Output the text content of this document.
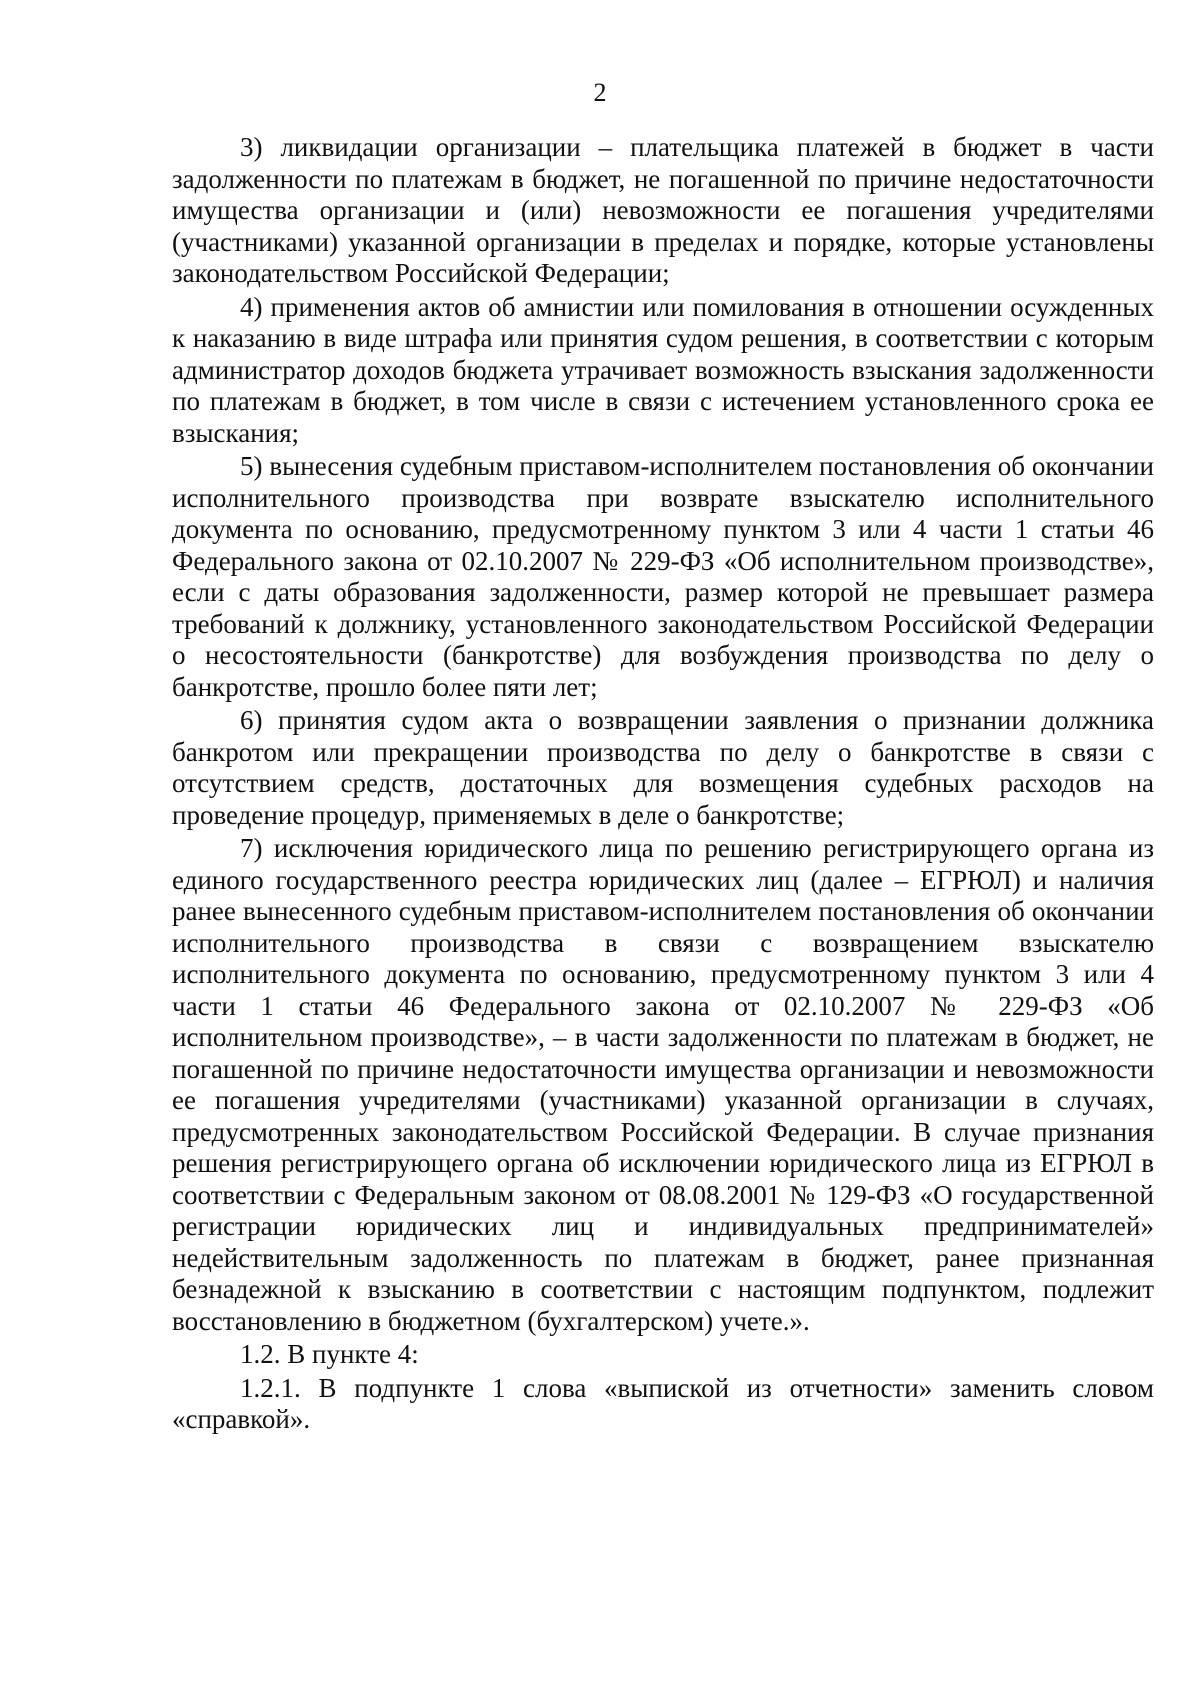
2

3) ликвидации организации – плательщика платежей в бюджет в части задолженности по платежам в бюджет, не погашенной по причине недостаточности имущества организации и (или) невозможности ее погашения учредителями (участниками) указанной организации в пределах и порядке, которые установлены законодательством Российской Федерации;

4) применения актов об амнистии или помилования в отношении осужденных к наказанию в виде штрафа или принятия судом решения, в соответствии с которым администратор доходов бюджета утрачивает возможность взыскания задолженности по платежам в бюджет, в том числе в связи с истечением установленного срока ее взыскания;

5) вынесения судебным приставом-исполнителем постановления об окончании исполнительного производства при возврате взыскателю исполнительного документа по основанию, предусмотренному пунктом 3 или 4 части 1 статьи 46 Федерального закона от 02.10.2007 № 229-ФЗ «Об исполнительном производстве», если с даты образования задолженности, размер которой не превышает размера требований к должнику, установленного законодательством Российской Федерации о несостоятельности (банкротстве) для возбуждения производства по делу о банкротстве, прошло более пяти лет;

6) принятия судом акта о возвращении заявления о признании должника банкротом или прекращении производства по делу о банкротстве в связи с отсутствием средств, достаточных для возмещения судебных расходов на проведение процедур, применяемых в деле о банкротстве;

7) исключения юридического лица по решению регистрирующего органа из единого государственного реестра юридических лиц (далее – ЕГРЮЛ) и наличия ранее вынесенного судебным приставом-исполнителем постановления об окончании исполнительного производства в связи с возвращением взыскателю исполнительного документа по основанию, предусмотренному пунктом 3 или 4 части 1 статьи 46 Федерального закона от 02.10.2007 № 229-ФЗ «Об исполнительном производстве», – в части задолженности по платежам в бюджет, не погашенной по причине недостаточности имущества организации и невозможности ее погашения учредителями (участниками) указанной организации в случаях, предусмотренных законодательством Российской Федерации. В случае признания решения регистрирующего органа об исключении юридического лица из ЕГРЮЛ в соответствии с Федеральным законом от 08.08.2001 № 129-ФЗ «О государственной регистрации юридических лиц и индивидуальных предпринимателей» недействительным задолженность по платежам в бюджет, ранее признанная безнадежной к взысканию в соответствии с настоящим подпунктом, подлежит восстановлению в бюджетном (бухгалтерском) учете.».

1.2. В пункте 4:

1.2.1. В подпункте 1 слова «выпиской из отчетности» заменить словом «справкой».
